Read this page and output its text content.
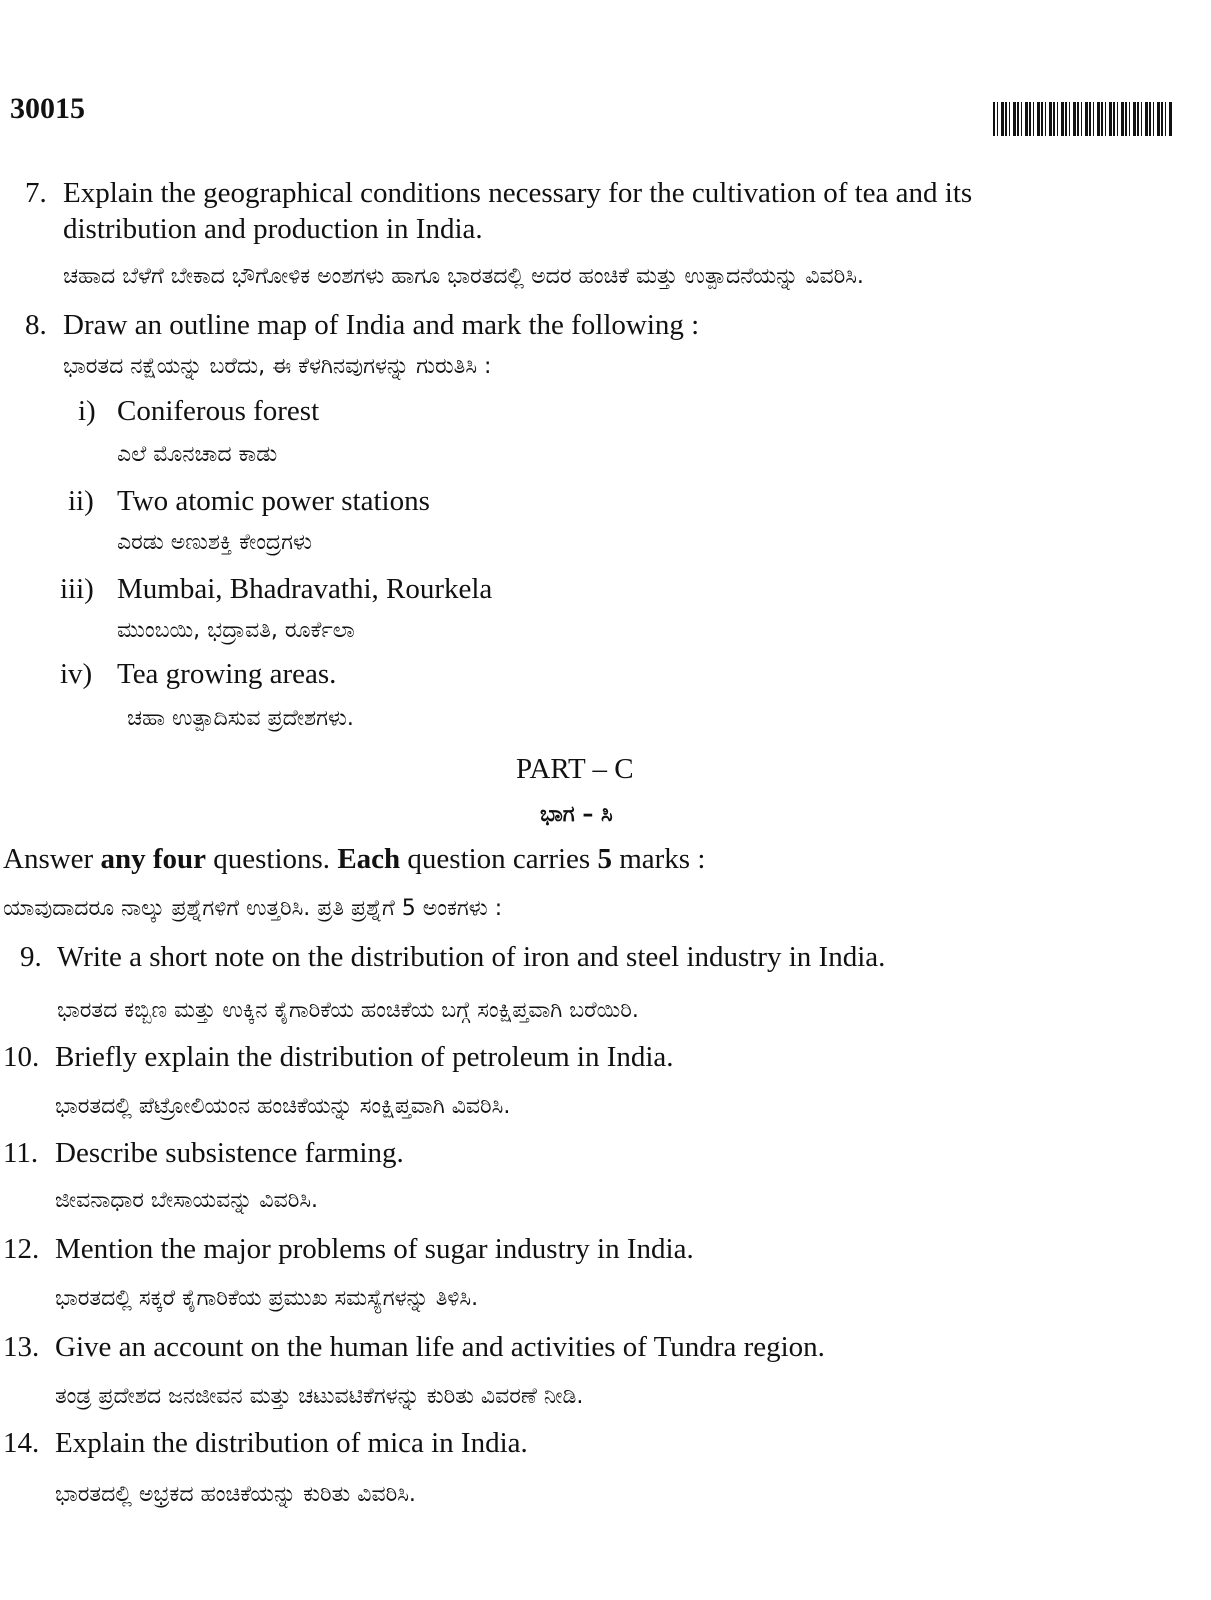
30015
7. Explain the geographical conditions necessary for the cultivation of tea and its
distribution and production in India.
ಚಹಾದ ಬೆಳೆಗೆ ಬೇಕಾದ ಭೌಗೋಳಿಕ ಅಂಶಗಳು ಹಾಗೂ ಭಾರತದಲ್ಲಿ ಅದರ ಹಂಚಿಕೆ ಮತ್ತು ಉತ್ಪಾದನೆಯನ್ನು ವಿವರಿಸಿ.
8. Draw an outline map of India and mark the following :
ಭಾರತದ ನಕ್ಷೆಯನ್ನು ಬರೆದು, ಈ ಕೆಳಗಿನವುಗಳನ್ನು ಗುರುತಿಸಿ :
i) Coniferous forest
ಎಲೆ ಮೊನಚಾದ ಕಾಡು
ii) Two atomic power stations
ಎರಡು ಅಣುಶಕ್ತಿ ಕೇಂದ್ರಗಳು
iii) Mumbai, Bhadravathi, Rourkela
ಮುಂಬಯಿ, ಭದ್ರಾವತಿ, ರೂರ್ಕೆಲಾ
iv) Tea growing areas.
ಚಹಾ ಉತ್ಪಾದಿಸುವ ಪ್ರದೇಶಗಳು.
PART – C
ಭಾಗ – ಸಿ
Answer any four questions. Each question carries 5 marks :
ಯಾವುದಾದರೂ ನಾಲ್ಕು ಪ್ರಶ್ನೆಗಳಿಗೆ ಉತ್ತರಿಸಿ. ಪ್ರತಿ ಪ್ರಶ್ನೆಗೆ 5 ಅಂಕಗಳು :
9. Write a short note on the distribution of iron and steel industry in India.
ಭಾರತದ ಕಬ್ಬಿಣ ಮತ್ತು ಉಕ್ಕಿನ ಕೈಗಾರಿಕೆಯ ಹಂಚಿಕೆಯ ಬಗ್ಗೆ ಸಂಕ್ಷಿಪ್ತವಾಗಿ ಬರೆಯಿರಿ.
10. Briefly explain the distribution of petroleum in India.
ಭಾರತದಲ್ಲಿ ಪೆಟ್ರೋಲಿಯಂನ ಹಂಚಿಕೆಯನ್ನು ಸಂಕ್ಷಿಪ್ತವಾಗಿ ವಿವರಿಸಿ.
11. Describe subsistence farming.
ಜೀವನಾಧಾರ ಬೇಸಾಯವನ್ನು ವಿವರಿಸಿ.
12. Mention the major problems of sugar industry in India.
ಭಾರತದಲ್ಲಿ ಸಕ್ಕರೆ ಕೈಗಾರಿಕೆಯ ಪ್ರಮುಖ ಸಮಸ್ಯೆಗಳನ್ನು ತಿಳಿಸಿ.
13. Give an account on the human life and activities of Tundra region.
ತಂಡ್ರ ಪ್ರದೇಶದ ಜನಜೀವನ ಮತ್ತು ಚಟುವಟಿಕೆಗಳನ್ನು ಕುರಿತು ವಿವರಣೆ ನೀಡಿ.
14. Explain the distribution of mica in India.
ಭಾರತದಲ್ಲಿ ಅಭ್ರಕದ ಹಂಚಿಕೆಯನ್ನು ಕುರಿತು ವಿವರಿಸಿ.
